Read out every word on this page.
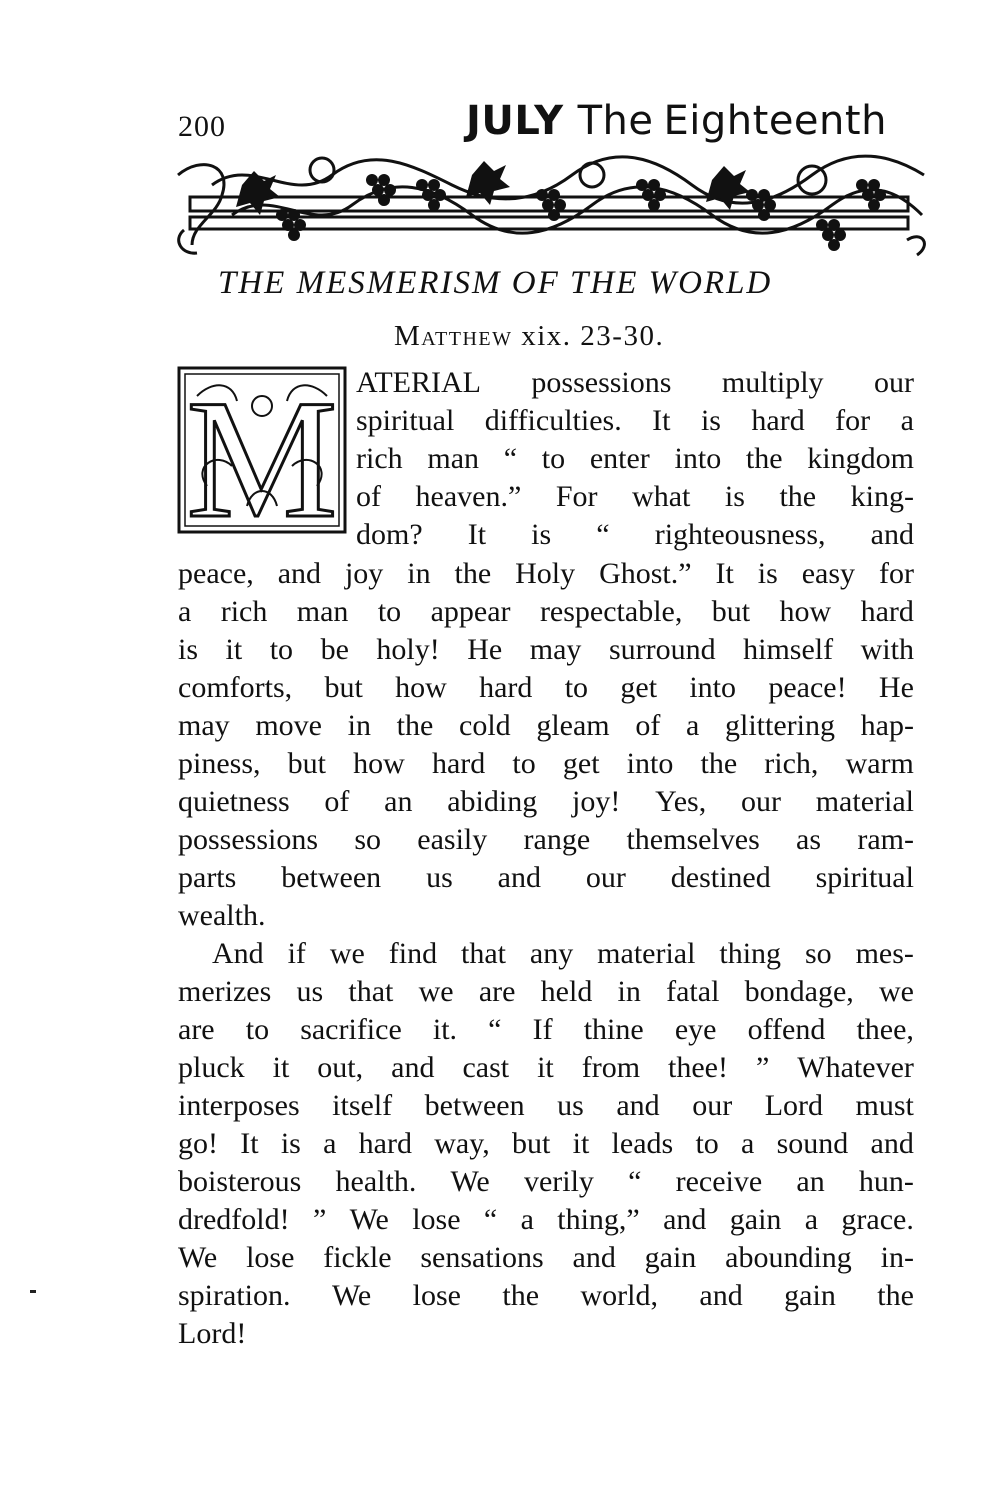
200	JULY The Eighteenth
THE MESMERISM OF THE WORLD
Matthew xix. 23-30.
M ATERIAL possessions multiply our
spiritual difficulties. It is hard for a
rich man “ to enter into the kingdom
of heaven.” For what is the king-
dom? It is “ righteousness, and
peace, and joy in the Holy Ghost.” It is easy for
a rich man to appear respectable, but how hard
is it to be holy! He may surround himself with
comforts, but how hard to get into peace! He
may move in the cold gleam of a glittering hap-
piness, but how hard to get into the rich, warm
quietness of an abiding joy! Yes, our material
possessions so easily range themselves as ram-
parts between us and our destined spiritual
wealth.
And if we find that any material thing so mes-
merizes us that we are held in fatal bondage, we
are to sacrifice it. “ If thine eye offend thee,
pluck it out, and cast it from thee! ” Whatever
interposes itself between us and our Lord must
go! It is a hard way, but it leads to a sound and
boisterous health. We verily “ receive an hun-
dredfold! ” We lose “ a thing,” and gain a grace.
We lose fickle sensations and gain abounding in-
spiration. We lose the world, and gain the
Lord!
